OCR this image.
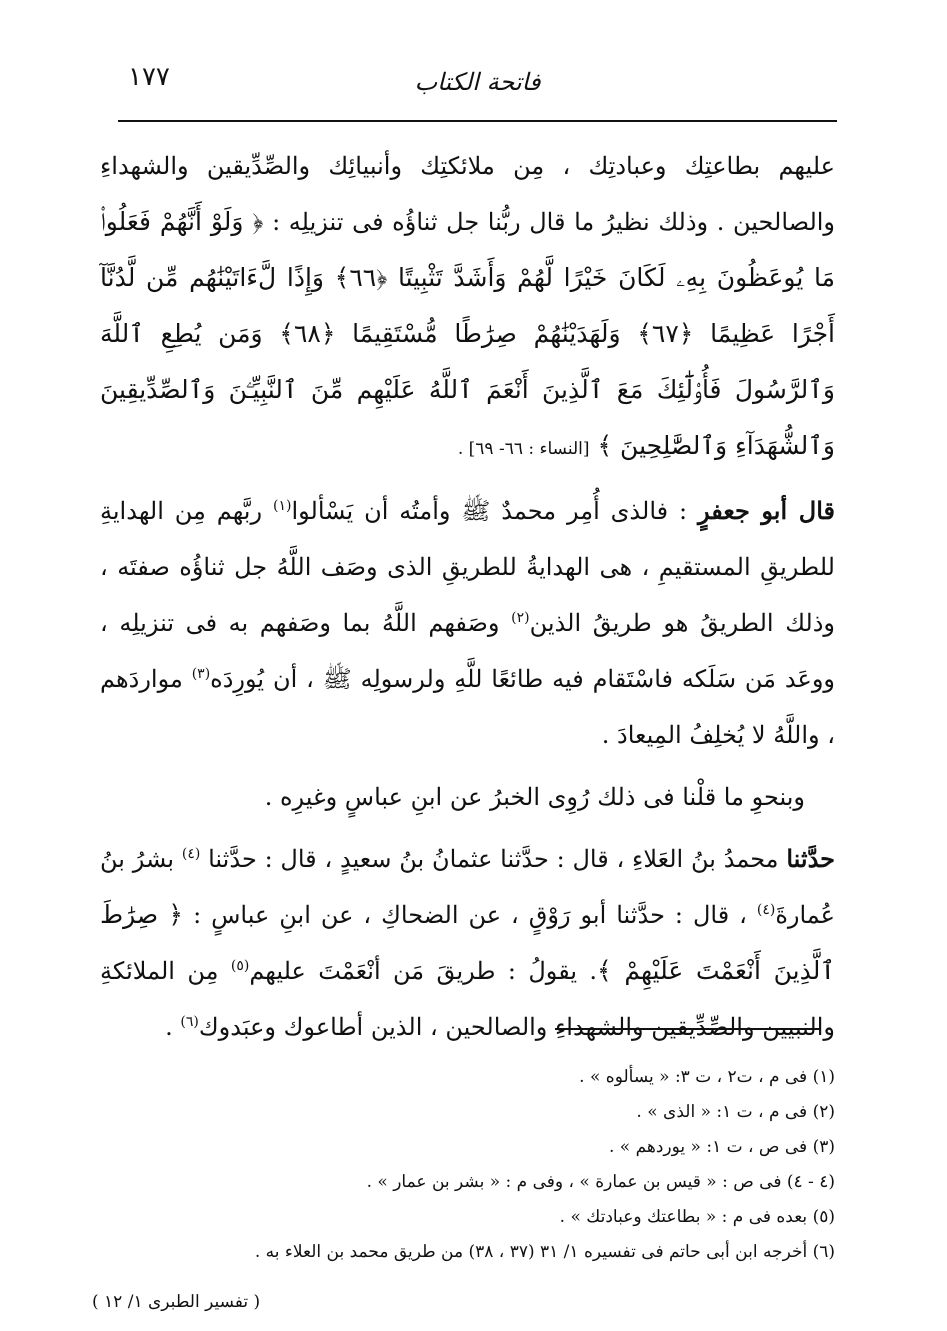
١٧٧	فاتحة الكتاب

عليهم بطاعتِك وعبادتِك ، مِن ملائكتِك وأنبيائِك والصِّدِّيقين والشهداءِ والصالحين . وذلك نظيرُ ما قال ربُّنا جل ثناؤُه فى تنزيلِه : ﴿ وَلَوْ أَنَّهُمْ فَعَلُوا۟ مَا يُوعَظُونَ بِهِۦ لَكَانَ خَيْرًا لَّهُمْ وَأَشَدَّ تَثْبِيتًا ﴿٦٦﴾ وَإِذًا لَّءَاتَيْنَٰهُم مِّن لَّدُنَّآ أَجْرًا عَظِيمًا ﴿٦٧﴾ وَلَهَدَيْنَٰهُمْ صِرَٰطًا مُّسْتَقِيمًا ﴿٦٨﴾ وَمَن يُطِعِ ٱللَّهَ وَٱلرَّسُولَ فَأُو۟لَٰٓئِكَ مَعَ ٱلَّذِينَ أَنْعَمَ ٱللَّهُ عَلَيْهِم مِّنَ ٱلنَّبِيِّـۧنَ وَٱلصِّدِّيقِينَ وَٱلشُّهَدَآءِ وَٱلصَّٰلِحِينَ ﴾ [النساء : ٦٦- ٦٩] .

قال أبو جعفرٍ : فالذى أُمِر محمدٌ ﷺ وأمتُه أن يَسْألوا$^{(١)}$ ربَّهم مِن الهدايةِ للطريقِ المستقيمِ ، هى الهدايةُ للطريقِ الذى وصَف اللَّهُ جل ثناؤُه صفتَه ، وذلك الطريقُ هو طريقُ الذين$^{(٢)}$ وصَفهم اللَّهُ بما وصَفهم به فى تنزيلِه ، ووعَد مَن سَلَكه فاسْتَقام فيه طائعًا للَّهِ ولرسولِه ﷺ ، أن يُورِدَه$^{(٣)}$ مواردَهم ، واللَّهُ لا يُخلِفُ المِيعادَ .

وبنحوِ ما قلْنا فى ذلك رُوِى الخبرُ عن ابنِ عباسٍ وغيرِه .

حدَّثنا محمدُ بنُ العَلاءِ ، قال : حدَّثنا عثمانُ بنُ سعيدٍ ، قال : حدَّثنا $^{(٤)}$ بشرُ بنُ عُمارةَ$^{(٤)}$ ، قال : حدَّثنا أبو رَوْقٍ ، عن الضحاكِ ، عن ابنِ عباسٍ : ﴿ صِرَٰطَ ٱلَّذِينَ أَنْعَمْتَ عَلَيْهِمْ ﴾. يقولُ : طريقَ مَن أنْعَمْتَ عليهم$^{(٥)}$ مِن الملائكةِ والنبيين والصِّدِّيقين والشهداءِ والصالحين ، الذين أطاعوك وعبَدوك$^{(٦)}$ .

(١) فى م ، ت٢ ، ت ٣: « يسألوه » .

(٢) فى م ، ت ١: « الذى » .

(٣) فى ص ، ت ١: « يوردهم » .

(٤ - ٤) فى ص : « قيس بن عمارة » ، وفى م : « بشر بن عمار » .

(٥) بعده فى م : « بطاعتك وعبادتك » .

(٦) أخرجه ابن أبى حاتم فى تفسيره ١/ ٣١ (٣٧ ، ٣٨) من طريق محمد بن العلاء به .

( تفسير الطبرى ١/ ١٢ )
